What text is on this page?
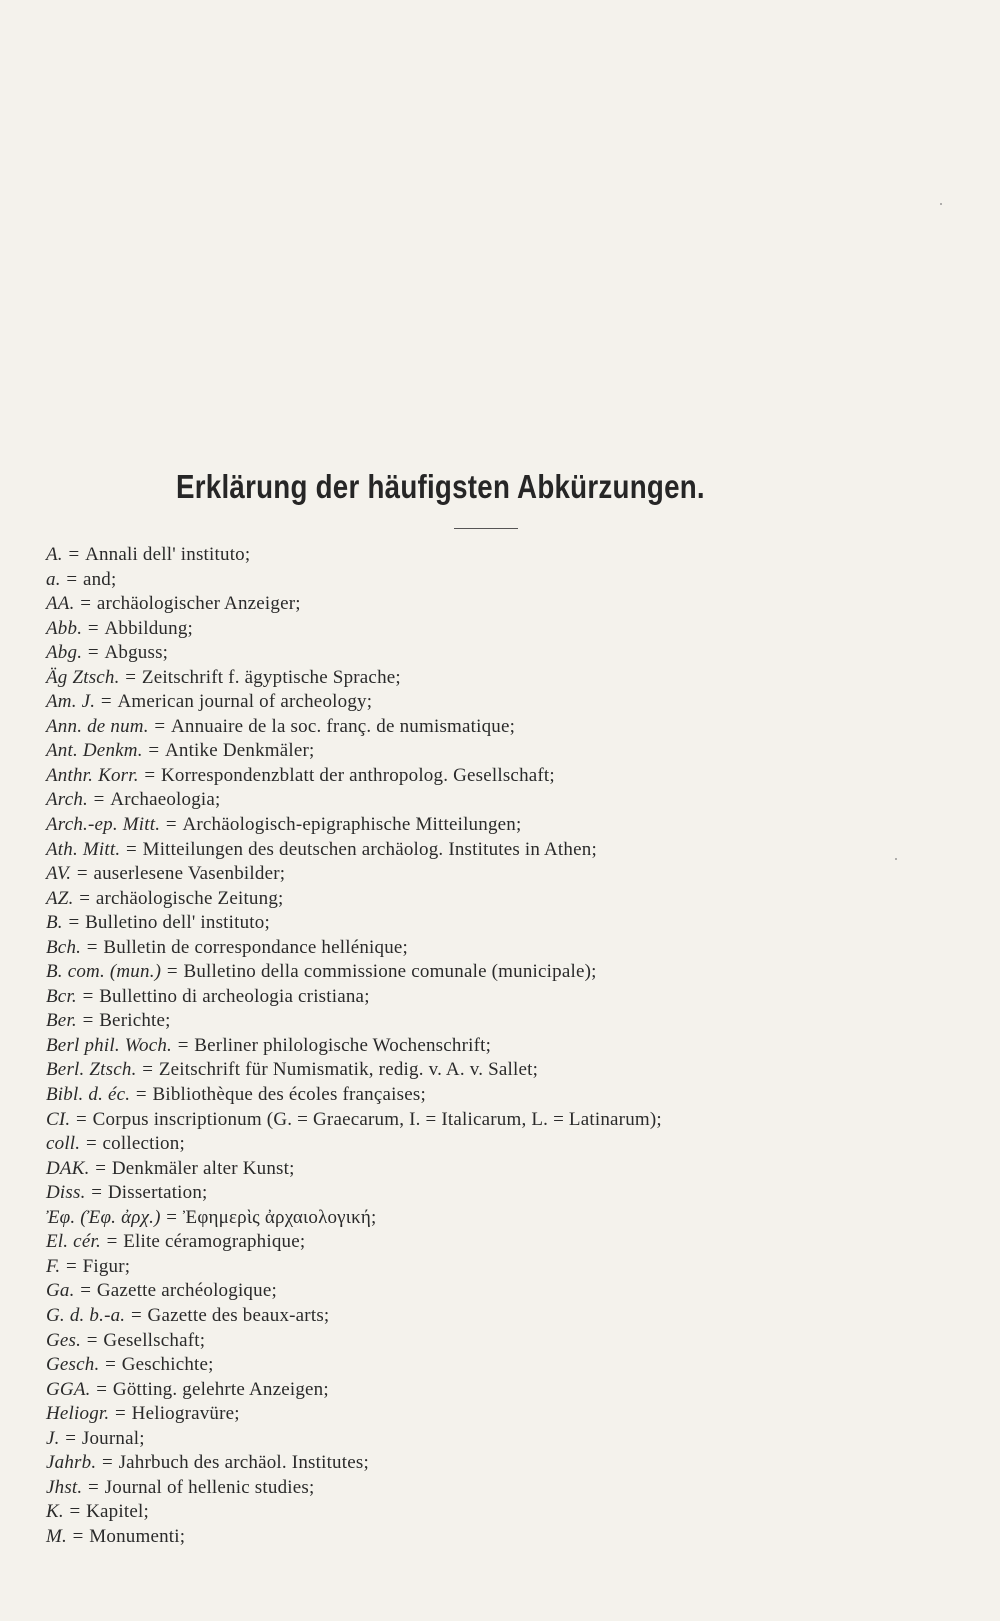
Erklärung der häufigsten Abkürzungen.
A. = Annali dell' instituto;
a. = and;
AA. = archäologischer Anzeiger;
Abb. = Abbildung;
Abg. = Abguss;
Äg Ztsch. = Zeitschrift f. ägyptische Sprache;
Am. J. = American journal of archeology;
Ann. de num. = Annuaire de la soc. franç. de numismatique;
Ant. Denkm. = Antike Denkmäler;
Anthr. Korr. = Korrespondenzblatt der anthropolog. Gesellschaft;
Arch. = Archaeologia;
Arch.-ep. Mitt. = Archäologisch-epigraphische Mitteilungen;
Ath. Mitt. = Mitteilungen des deutschen archäolog. Institutes in Athen;
AV. = auserlesene Vasenbilder;
AZ. = archäologische Zeitung;
B. = Bulletino dell' instituto;
Bch. = Bulletin de correspondance hellénique;
B. com. (mun.) = Bulletino della commissione comunale (municipale);
Bcr. = Bullettino di archeologia cristiana;
Ber. = Berichte;
Berl phil. Woch. = Berliner philologische Wochenschrift;
Berl. Ztsch. = Zeitschrift für Numismatik, redig. v. A. v. Sallet;
Bibl. d. éc. = Bibliothèque des écoles françaises;
CI. = Corpus inscriptionum (G. = Graecarum, I. = Italicarum, L. = Latinarum);
coll. = collection;
DAK. = Denkmäler alter Kunst;
Diss. = Dissertation;
Ἐφ. (Ἐφ. ἀρχ.) = Ἐφημερὶς ἀρχαιολογική;
El. cér. = Elite céramographique;
F. = Figur;
Ga. = Gazette archéologique;
G. d. b.-a. = Gazette des beaux-arts;
Ges. = Gesellschaft;
Gesch. = Geschichte;
GGA. = Götting. gelehrte Anzeigen;
Heliogr. = Heliogravüre;
J. = Journal;
Jahrb. = Jahrbuch des archäol. Institutes;
Jhst. = Journal of hellenic studies;
K. = Kapitel;
M. = Monumenti;
